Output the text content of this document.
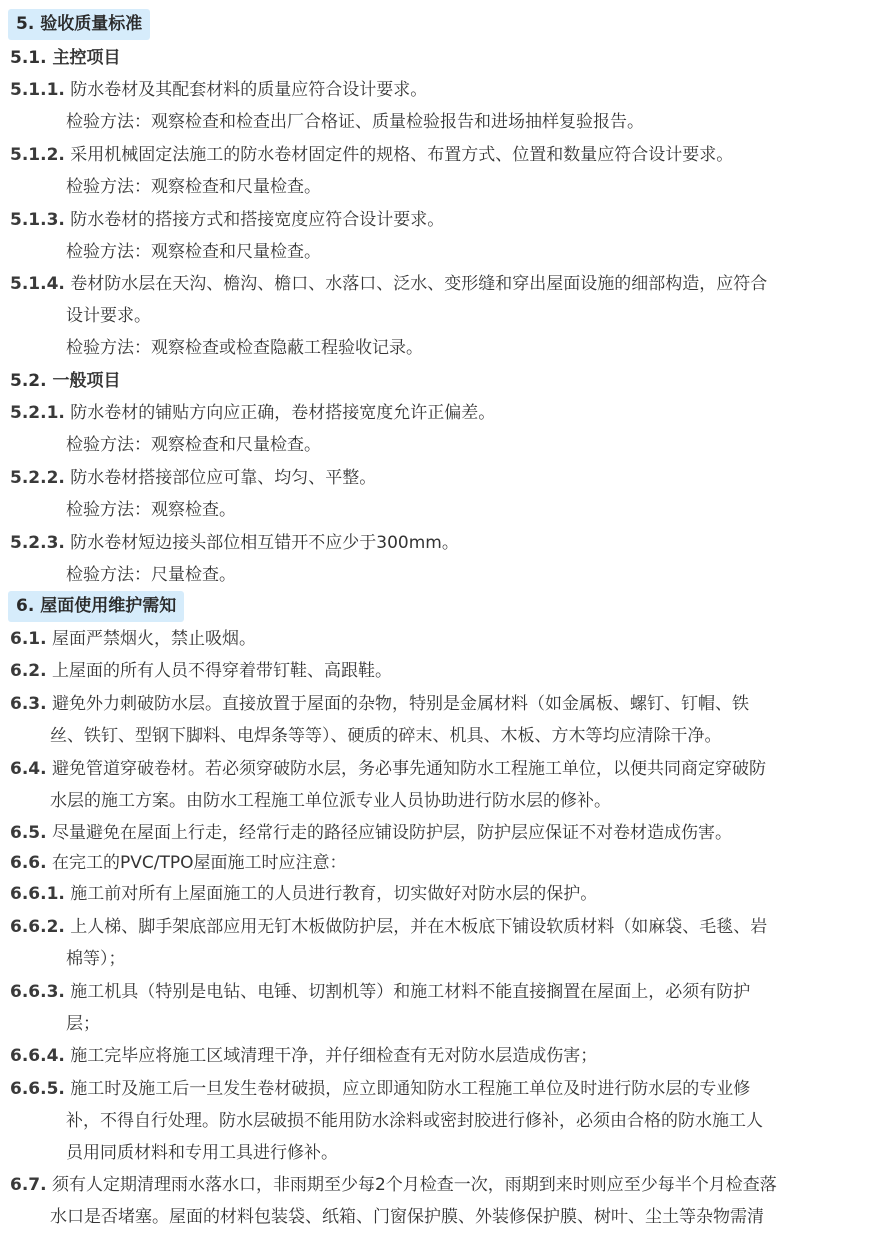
5. 验收质量标准
5.1. 主控项目
5.1.1. 防水卷材及其配套材料的质量应符合设计要求。
检验方法：观察检查和检查出厂合格证、质量检验报告和进场抽样复验报告。
5.1.2. 采用机械固定法施工的防水卷材固定件的规格、布置方式、位置和数量应符合设计要求。
检验方法：观察检查和尺量检查。
5.1.3. 防水卷材的搭接方式和搭接宽度应符合设计要求。
检验方法：观察检查和尺量检查。
5.1.4. 卷材防水层在天沟、檐沟、檐口、水落口、泛水、变形缝和穿出屋面设施的细部构造，应符合
设计要求。
检验方法：观察检查或检查隐蔽工程验收记录。
5.2. 一般项目
5.2.1. 防水卷材的铺贴方向应正确，卷材搭接宽度允许正偏差。
检验方法：观察检查和尺量检查。
5.2.2. 防水卷材搭接部位应可靠、均匀、平整。
检验方法：观察检查。
5.2.3. 防水卷材短边接头部位相互错开不应少于300mm。
检验方法：尺量检查。
6. 屋面使用维护需知
6.1. 屋面严禁烟火，禁止吸烟。
6.2. 上屋面的所有人员不得穿着带钉鞋、高跟鞋。
6.3. 避免外力刺破防水层。直接放置于屋面的杂物，特别是金属材料（如金属板、螺钉、钉帽、铁
丝、铁钉、型钢下脚料、电焊条等等）、硬质的碎末、机具、木板、方木等均应清除干净。
6.4. 避免管道穿破卷材。若必须穿破防水层，务必事先通知防水工程施工单位，以便共同商定穿破防
水层的施工方案。由防水工程施工单位派专业人员协助进行防水层的修补。
6.5. 尽量避免在屋面上行走，经常行走的路径应铺设防护层，防护层应保证不对卷材造成伤害。
6.6. 在完工的PVC/TPO屋面施工时应注意：
6.6.1. 施工前对所有上屋面施工的人员进行教育，切实做好对防水层的保护。
6.6.2. 上人梯、脚手架底部应用无钉木板做防护层，并在木板底下铺设软质材料（如麻袋、毛毯、岩
棉等）；
6.6.3. 施工机具（特别是电钻、电锤、切割机等）和施工材料不能直接搁置在屋面上，必须有防护
层；
6.6.4. 施工完毕应将施工区域清理干净，并仔细检查有无对防水层造成伤害；
6.6.5. 施工时及施工后一旦发生卷材破损，应立即通知防水工程施工单位及时进行防水层的专业修
补，不得自行处理。防水层破损不能用防水涂料或密封胶进行修补，必须由合格的防水施工人
员用同质材料和专用工具进行修补。
6.7. 须有人定期清理雨水落水口，非雨期至少每2个月检查一次，雨期到来时则应至少每半个月检查落
水口是否堵塞。屋面的材料包装袋、纸箱、门窗保护膜、外装修保护膜、树叶、尘土等杂物需清
